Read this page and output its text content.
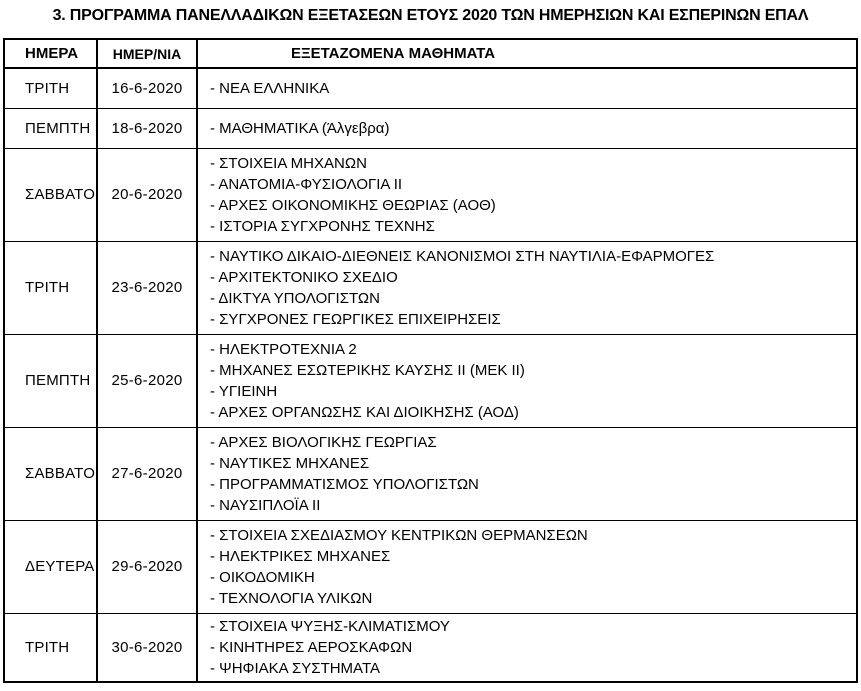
3. ΠΡΟΓΡΑΜΜΑ ΠΑΝΕΛΛΑΔΙΚΩΝ ΕΞΕΤΑΣΕΩΝ ΕΤΟΥΣ 2020 ΤΩΝ ΗΜΕΡΗΣΙΩΝ ΚΑΙ ΕΣΠΕΡΙΝΩΝ ΕΠΑΛ
ΗΜΕΡΑ	ΗΜΕΡ/ΝΙΑ	ΕΞΕΤΑΖΟΜΕΝΑ ΜΑΘΗΜΑΤΑ
ΤΡΙΤΗ	16-6-2020	- ΝΕΑ ΕΛΛΗΝΙΚΑ

ΠΕΜΠΤΗ	18-6-2020	- ΜΑΘΗΜΑΤΙΚΑ (Άλγεβρα)

ΣΑΒΒΑΤΟ	20-6-2020	- ΣΤΟΙΧΕΙΑ ΜΗΧΑΝΩΝ
- ΑΝΑΤΟΜΙΑ-ΦΥΣΙΟΛΟΓΙΑ ΙΙ
- ΑΡΧΕΣ ΟΙΚΟΝΟΜΙΚΗΣ ΘΕΩΡΙΑΣ (ΑΟΘ)
- ΙΣΤΟΡΙΑ ΣΥΓΧΡΟΝΗΣ ΤΕΧΝΗΣ

ΤΡΙΤΗ	23-6-2020	- ΝΑΥΤΙΚΟ ΔΙΚΑΙΟ-ΔΙΕΘΝΕΙΣ ΚΑΝΟΝΙΣΜΟΙ ΣΤΗ ΝΑΥΤΙΛΙΑ-ΕΦΑΡΜΟΓΕΣ
- ΑΡΧΙΤΕΚΤΟΝΙΚΟ ΣΧΕΔΙΟ
- ΔΙΚΤΥΑ ΥΠΟΛΟΓΙΣΤΩΝ
- ΣΥΓΧΡΟΝΕΣ ΓΕΩΡΓΙΚΕΣ ΕΠΙΧΕΙΡΗΣΕΙΣ

ΠΕΜΠΤΗ	25-6-2020	- ΗΛΕΚΤΡΟΤΕΧΝΙΑ 2
- ΜΗΧΑΝΕΣ ΕΣΩΤΕΡΙΚΗΣ ΚΑΥΣΗΣ ΙΙ (ΜΕΚ ΙΙ)
- ΥΓΙΕΙΝΗ
- ΑΡΧΕΣ ΟΡΓΑΝΩΣΗΣ ΚΑΙ ΔΙΟΙΚΗΣΗΣ (ΑΟΔ)

ΣΑΒΒΑΤΟ	27-6-2020	- ΑΡΧΕΣ ΒΙΟΛΟΓΙΚΗΣ ΓΕΩΡΓΙΑΣ
- ΝΑΥΤΙΚΕΣ ΜΗΧΑΝΕΣ
- ΠΡΟΓΡΑΜΜΑΤΙΣΜΟΣ ΥΠΟΛΟΓΙΣΤΩΝ
- ΝΑΥΣΙΠΛΟΪΑ ΙΙ

ΔΕΥΤΕΡΑ	29-6-2020	- ΣΤΟΙΧΕΙΑ ΣΧΕΔΙΑΣΜΟΥ ΚΕΝΤΡΙΚΩΝ ΘΕΡΜΑΝΣΕΩΝ
- ΗΛΕΚΤΡΙΚΕΣ ΜΗΧΑΝΕΣ
- ΟΙΚΟΔΟΜΙΚΗ
- ΤΕΧΝΟΛΟΓΙΑ ΥΛΙΚΩΝ

ΤΡΙΤΗ	30-6-2020	- ΣΤΟΙΧΕΙΑ ΨΥΞΗΣ-ΚΛΙΜΑΤΙΣΜΟΥ
- ΚΙΝΗΤΗΡΕΣ ΑΕΡΟΣΚΑΦΩΝ
- ΨΗΦΙΑΚΑ ΣΥΣΤΗΜΑΤΑ
